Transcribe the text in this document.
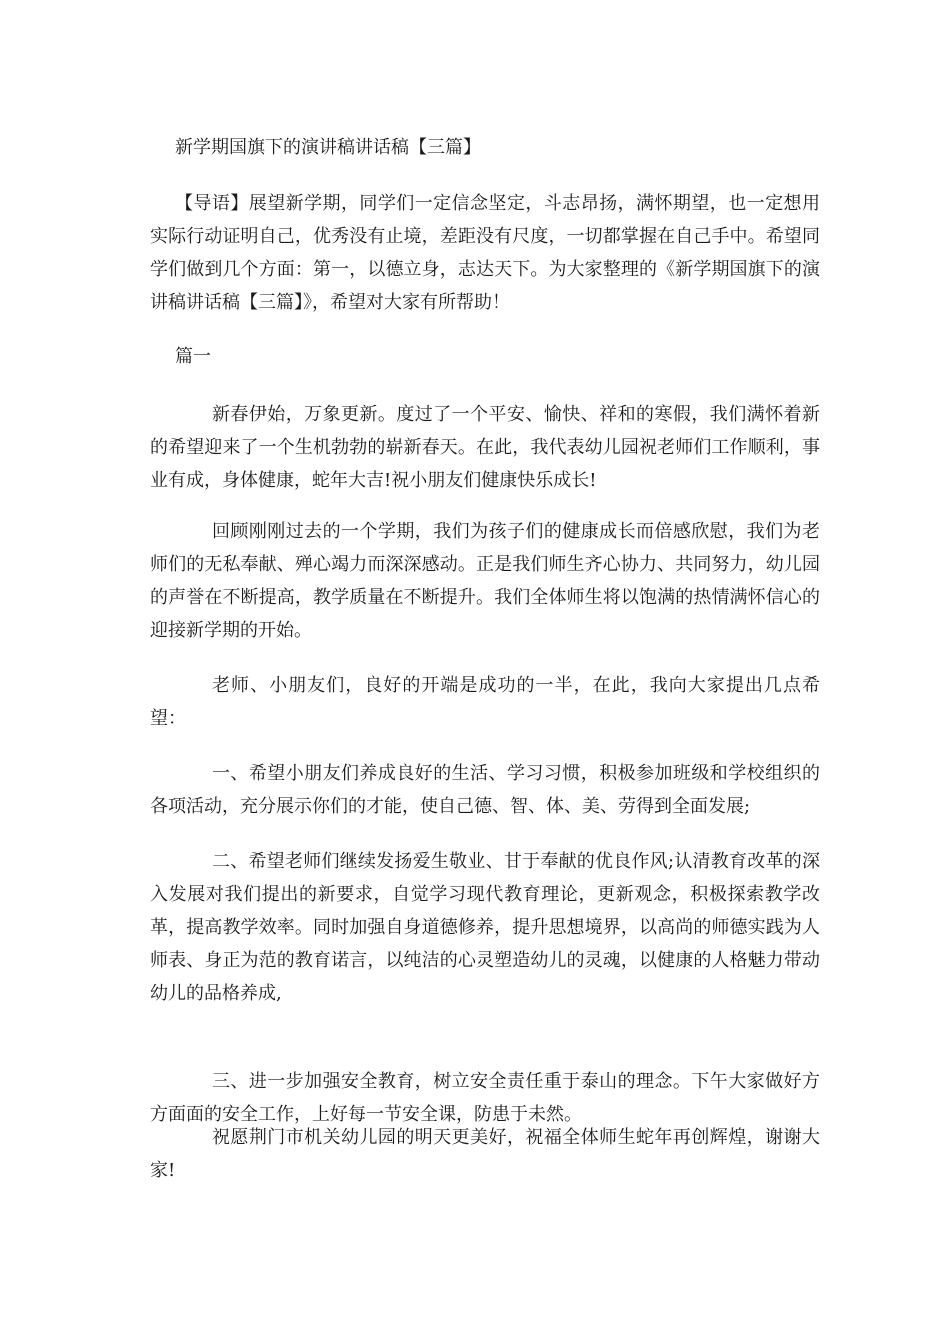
新学期国旗下的演讲稿讲话稿【三篇】

【导语】展望新学期，同学们一定信念坚定，斗志昂扬，满怀期望，也一定想用实际行动证明自己，优秀没有止境，差距没有尺度，一切都掌握在自己手中。希望同学们做到几个方面：第一，以德立身，志达天下。为大家整理的《新学期国旗下的演讲稿讲话稿【三篇】》，希望对大家有所帮助！

篇一

新春伊始，万象更新。度过了一个平安、愉快、祥和的寒假，我们满怀着新的希望迎来了一个生机勃勃的崭新春天。在此，我代表幼儿园祝老师们工作顺利，事业有成，身体健康，蛇年大吉!祝小朋友们健康快乐成长!

回顾刚刚过去的一个学期，我们为孩子们的健康成长而倍感欣慰，我们为老师们的无私奉献、殚心竭力而深深感动。正是我们师生齐心协力、共同努力，幼儿园的声誉在不断提高，教学质量在不断提升。我们全体师生将以饱满的热情满怀信心的迎接新学期的开始。

老师、小朋友们，良好的开端是成功的一半，在此，我向大家提出几点希望：

一、希望小朋友们养成良好的生活、学习习惯，积极参加班级和学校组织的各项活动，充分展示你们的才能，使自己德、智、体、美、劳得到全面发展;

二、希望老师们继续发扬爱生敬业、甘于奉献的优良作风;认清教育改革的深入发展对我们提出的新要求，自觉学习现代教育理论，更新观念，积极探索教学改革，提高教学效率。同时加强自身道德修养，提升思想境界，以高尚的师德实践为人师表、身正为范的教育诺言，以纯洁的心灵塑造幼儿的灵魂，以健康的人格魅力带动幼儿的品格养成,

三、进一步加强安全教育，树立安全责任重于泰山的理念。下午大家做好方方面面的安全工作，上好每一节安全课，防患于未然。

祝愿荆门市机关幼儿园的明天更美好，祝福全体师生蛇年再创辉煌，谢谢大家!
